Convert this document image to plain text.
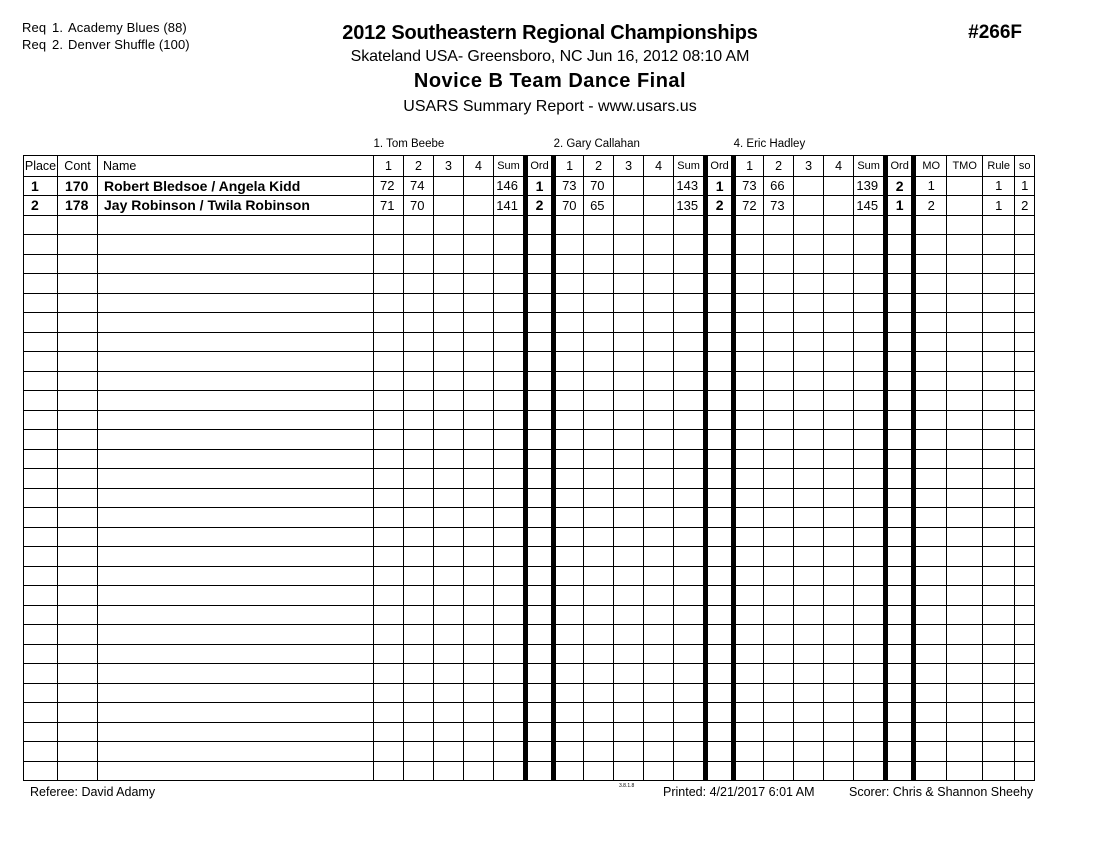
Req 1. Academy Blues (88)
Req 2. Denver Shuffle (100)
2012 Southeastern Regional Championships
Skateland USA- Greensboro, NC Jun 16, 2012 08:10 AM
Novice B Team Dance Final
USARS Summary Report - www.usars.us
#266F
			1. Tom Beebe						2. Gary Callahan						4. Eric Hadley									
Place	Cont	Name	1	2	3	4	Sum	Ord	1	2	3	4	Sum	Ord	1	2	3	4	Sum	Ord	MO	TMO	Rule	so
1	170	Robert Bledsoe / Angela Kidd	72	74			146	1	73	70			143	1	73	66			139	2	1		1	1
2	178	Jay Robinson / Twila Robinson	71	70			141	2	70	65			135	2	72	73			145	1	2		1	2

Referee: David Adamy	3.8.1.8 Printed: 4/21/2017 6:01 AM	Scorer: Chris & Shannon Sheehy
